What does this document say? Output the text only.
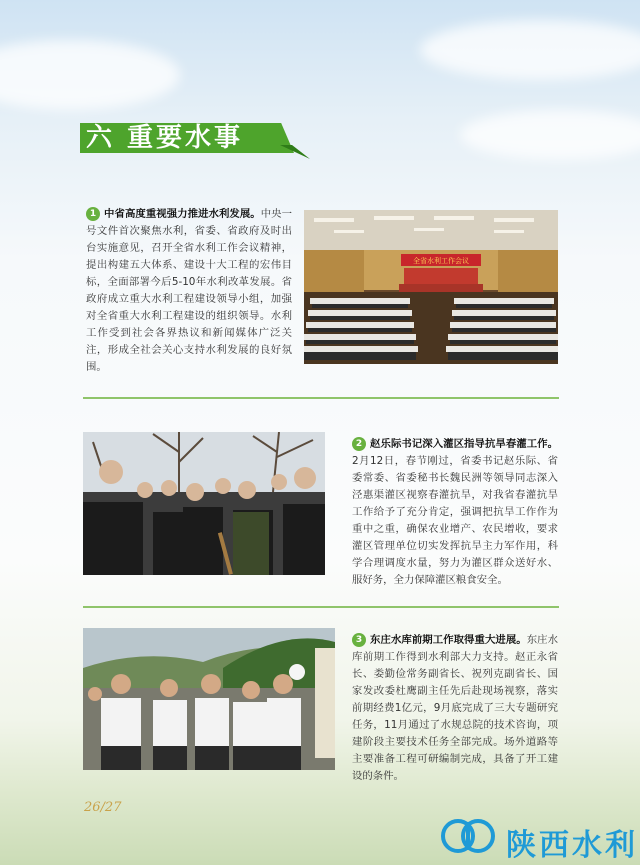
六 重要水事
1 中省高度重视强力推进水利发展。中央一号文件首次聚焦水利，省委、省政府及时出台实施意见，召开全省水利工作会议精神，提出构建五大体系、建设十大工程的宏伟目标，全面部署今后5-10年水利改革发展。省政府成立重大水利工程建设领导小组，加强对全省重大水利工程建设的组织领导。水利工作受到社会各界热议和新闻媒体广泛关注，形成全社会关心支持水利发展的良好氛围。
全省水利工作会议
2 赵乐际书记深入灌区指导抗旱春灌工作。2月12日，春节刚过，省委书记赵乐际、省委常委、省委秘书长魏民洲等领导同志深入泾惠渠灌区视察春灌抗旱，对我省春灌抗旱工作给予了充分肯定，强调把抗旱工作作为重中之重，确保农业增产、农民增收，要求灌区管理单位切实发挥抗旱主力军作用，科学合理调度水量，努力为灌区群众送好水、服好务，全力保障灌区粮食安全。
3 东庄水库前期工作取得重大进展。东庄水库前期工作得到水利部大力支持。赵正永省长、娄勤俭常务副省长、祝列克副省长、国家发改委杜鹰副主任先后赴现场视察，落实前期经费1亿元，9月底完成了三大专题研究任务，11月通过了水规总院的技术咨询，项建阶段主要技术任务全部完成。场外道路等主要准备工程可研编制完成，具备了开工建设的条件。
26/27
陕西水利
